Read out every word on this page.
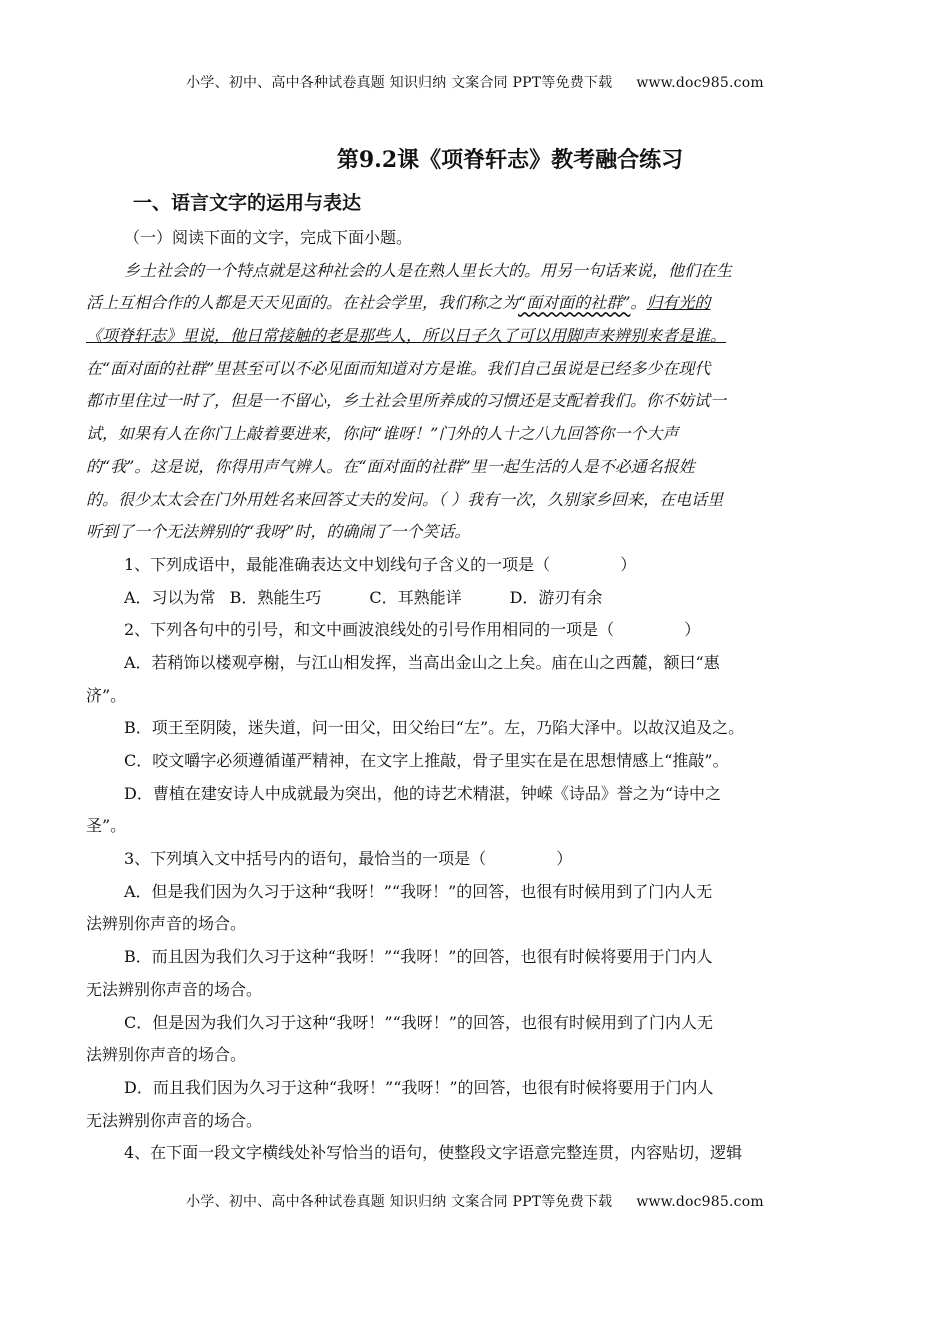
小学、初中、高中各种试卷真题 知识归纳 文案合同 PPT等免费下载 www.doc985.com
第9.2课《项脊轩志》教考融合练习
一、语言文字的运用与表达
（一）阅读下面的文字，完成下面小题。
乡土社会的一个特点就是这种社会的人是在熟人里长大的。用另一句话来说，他们在生
活上互相合作的人都是天天见面的。在社会学里，我们称之为“面对面的社群”。归有光的
《项脊轩志》里说，他日常接触的老是那些人，所以日子久了可以用脚声来辨别来者是谁。
在“面对面的社群”里甚至可以不必见面而知道对方是谁。我们自己虽说是已经多少在现代
都市里住过一时了，但是一不留心，乡土社会里所养成的习惯还是支配着我们。你不妨试一
试，如果有人在你门上敲着要进来，你问“谁呀！”门外的人十之八九回答你一个大声
的“我”。这是说，你得用声气辨人。在“面对面的社群”里一起生活的人是不必通名报姓
的。很少太太会在门外用姓名来回答丈夫的发问。（ ）我有一次，久别家乡回来，在电话里
听到了一个无法辨别的“我呀”时，的确闹了一个笑话。
1、下列成语中，最能准确表达文中划线句子含义的一项是（	）
A．习以为常 B．熟能生巧	C．耳熟能详	D．游刃有余
2、下列各句中的引号，和文中画波浪线处的引号作用相同的一项是（	）
A．若稍饰以楼观亭榭，与江山相发挥，当高出金山之上矣。庙在山之西麓，额曰“惠
济”。
B．项王至阴陵，迷失道，问一田父，田父绐曰“左”。左，乃陷大泽中。以故汉追及之。
C．咬文嚼字必须遵循谨严精神，在文字上推敲，骨子里实在是在思想情感上“推敲”。
D．曹植在建安诗人中成就最为突出，他的诗艺术精湛，钟嵘《诗品》誉之为“诗中之
圣”。
3、下列填入文中括号内的语句，最恰当的一项是（	）
A．但是我们因为久习于这种“我呀！”“我呀！”的回答，也很有时候用到了门内人无
法辨别你声音的场合。
B．而且因为我们久习于这种“我呀！”“我呀！”的回答，也很有时候将要用于门内人
无法辨别你声音的场合。
C．但是因为我们久习于这种“我呀！”“我呀！”的回答，也很有时候用到了门内人无
法辨别你声音的场合。
D．而且我们因为久习于这种“我呀！”“我呀！”的回答，也很有时候将要用于门内人
无法辨别你声音的场合。
4、在下面一段文字横线处补写恰当的语句，使整段文字语意完整连贯，内容贴切，逻辑
小学、初中、高中各种试卷真题 知识归纳 文案合同 PPT等免费下载 www.doc985.com
